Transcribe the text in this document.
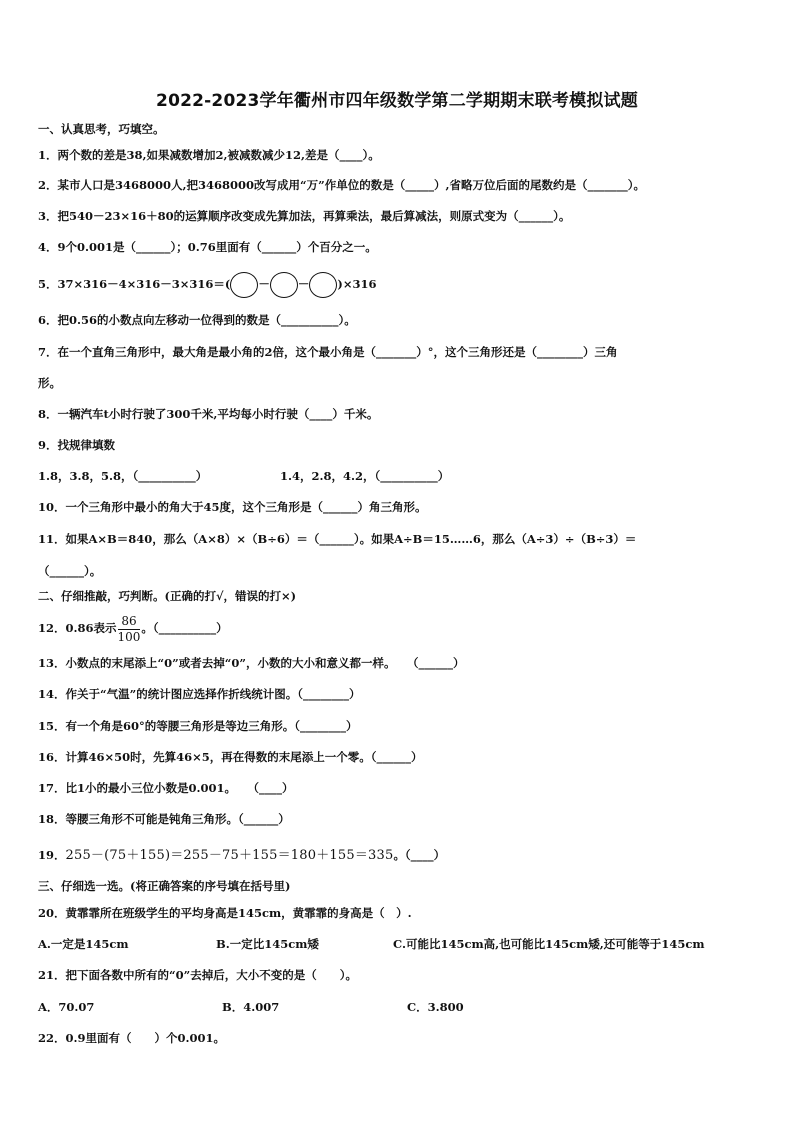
2022-2023学年衢州市四年级数学第二学期期末联考模拟试题
一、认真思考，巧填空。
1．两个数的差是38,如果减数增加2,被减数减少12,差是（____）。
2．某市人口是3468000人,把3468000改写成用“万”作单位的数是（_____）,省略万位后面的尾数约是（_______）。
3．把540－23×16＋80的运算顺序改变成先算加法，再算乘法，最后算减法，则原式变为（______）。
4．9个0.001是（______）；0.76里面有（______）个百分之一。
5．37×316－4×316－3×316＝( － － )×316
6．把0.56的小数点向左移动一位得到的数是（__________）。
7．在一个直角三角形中，最大角是最小角的2倍，这个最小角是（_______）°，这个三角形还是（________）三角
形。
8．一辆汽车t小时行驶了300千米,平均每小时行驶（____）千米。
9．找规律填数
1.8，3.8，5.8，（__________）	1.4，2.8，4.2，（__________）
10．一个三角形中最小的角大于45度，这个三角形是（______）角三角形。
11．如果A×B＝840，那么（A×8）×（B÷6）＝（______）。如果A÷B＝15……6，那么（A÷3）÷（B÷3）＝
（______）。
二、仔细推敲，巧判断。(正确的打√，错误的打×)
12．0.86表示 $\frac{86}{100}$ 。（__________）
13．小数点的末尾添上“0”或者去掉“0”，小数的大小和意义都一样。　　（______）
14．作关于“气温”的统计图应选择作折线统计图。（________）
15．有一个角是60°的等腰三角形是等边三角形。（________）
16．计算46×50时，先算46×5，再在得数的末尾添上一个零。（______）
17．比1小的最小三位小数是0.001。　　（____）
18．等腰三角形不可能是钝角三角形。（______）
19．255－(75＋155)＝255－75＋155＝180＋155＝335。（____）
三、仔细选一选。(将正确答案的序号填在括号里)
20．黄霏霏所在班级学生的平均身高是145cm，黄霏霏的身高是（　）.
A.一定是145cm	B.一定比145cm矮	C.可能比145cm高,也可能比145cm矮,还可能等于145cm
21．把下面各数中所有的“0”去掉后，大小不变的是（　　）。
A．70.07	B．4.007	C．3.800
22．0.9里面有（　　）个0.001。
